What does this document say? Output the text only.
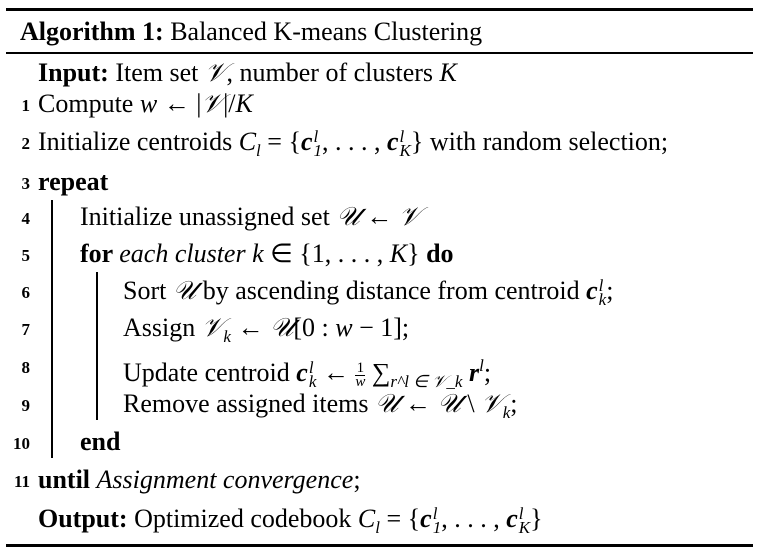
Algorithm 1: Balanced K-means Clustering
Input: Item set 𝒱, number of clusters K
1 Compute w ← |𝒱|/K
2 Initialize centroids $C_l = \{c$ l
1 , . . . , c l
K } with random selection;
3 repeat
4 Initialize unassigned set 𝒰 ← 𝒱
5 for each cluster k ∈ {1, . . . , K} do
6	Sort 𝒰 by ascending distance from centroid c l
k ;
7	Assign 𝒱$_k$ ← 𝒰[0 : w − 1];
8	Update centroid c l
k ← $\frac{1}{w} \sum_{r\^{}l \in 𝒱\_k}$ $r^l$;
9	Remove assigned items 𝒰 ← 𝒰 \ 𝒱$_k$;
10 end
11 until Assignment convergence;
Output: Optimized codebook $C_l = \{c$ l
1 , . . . , c l
K }
